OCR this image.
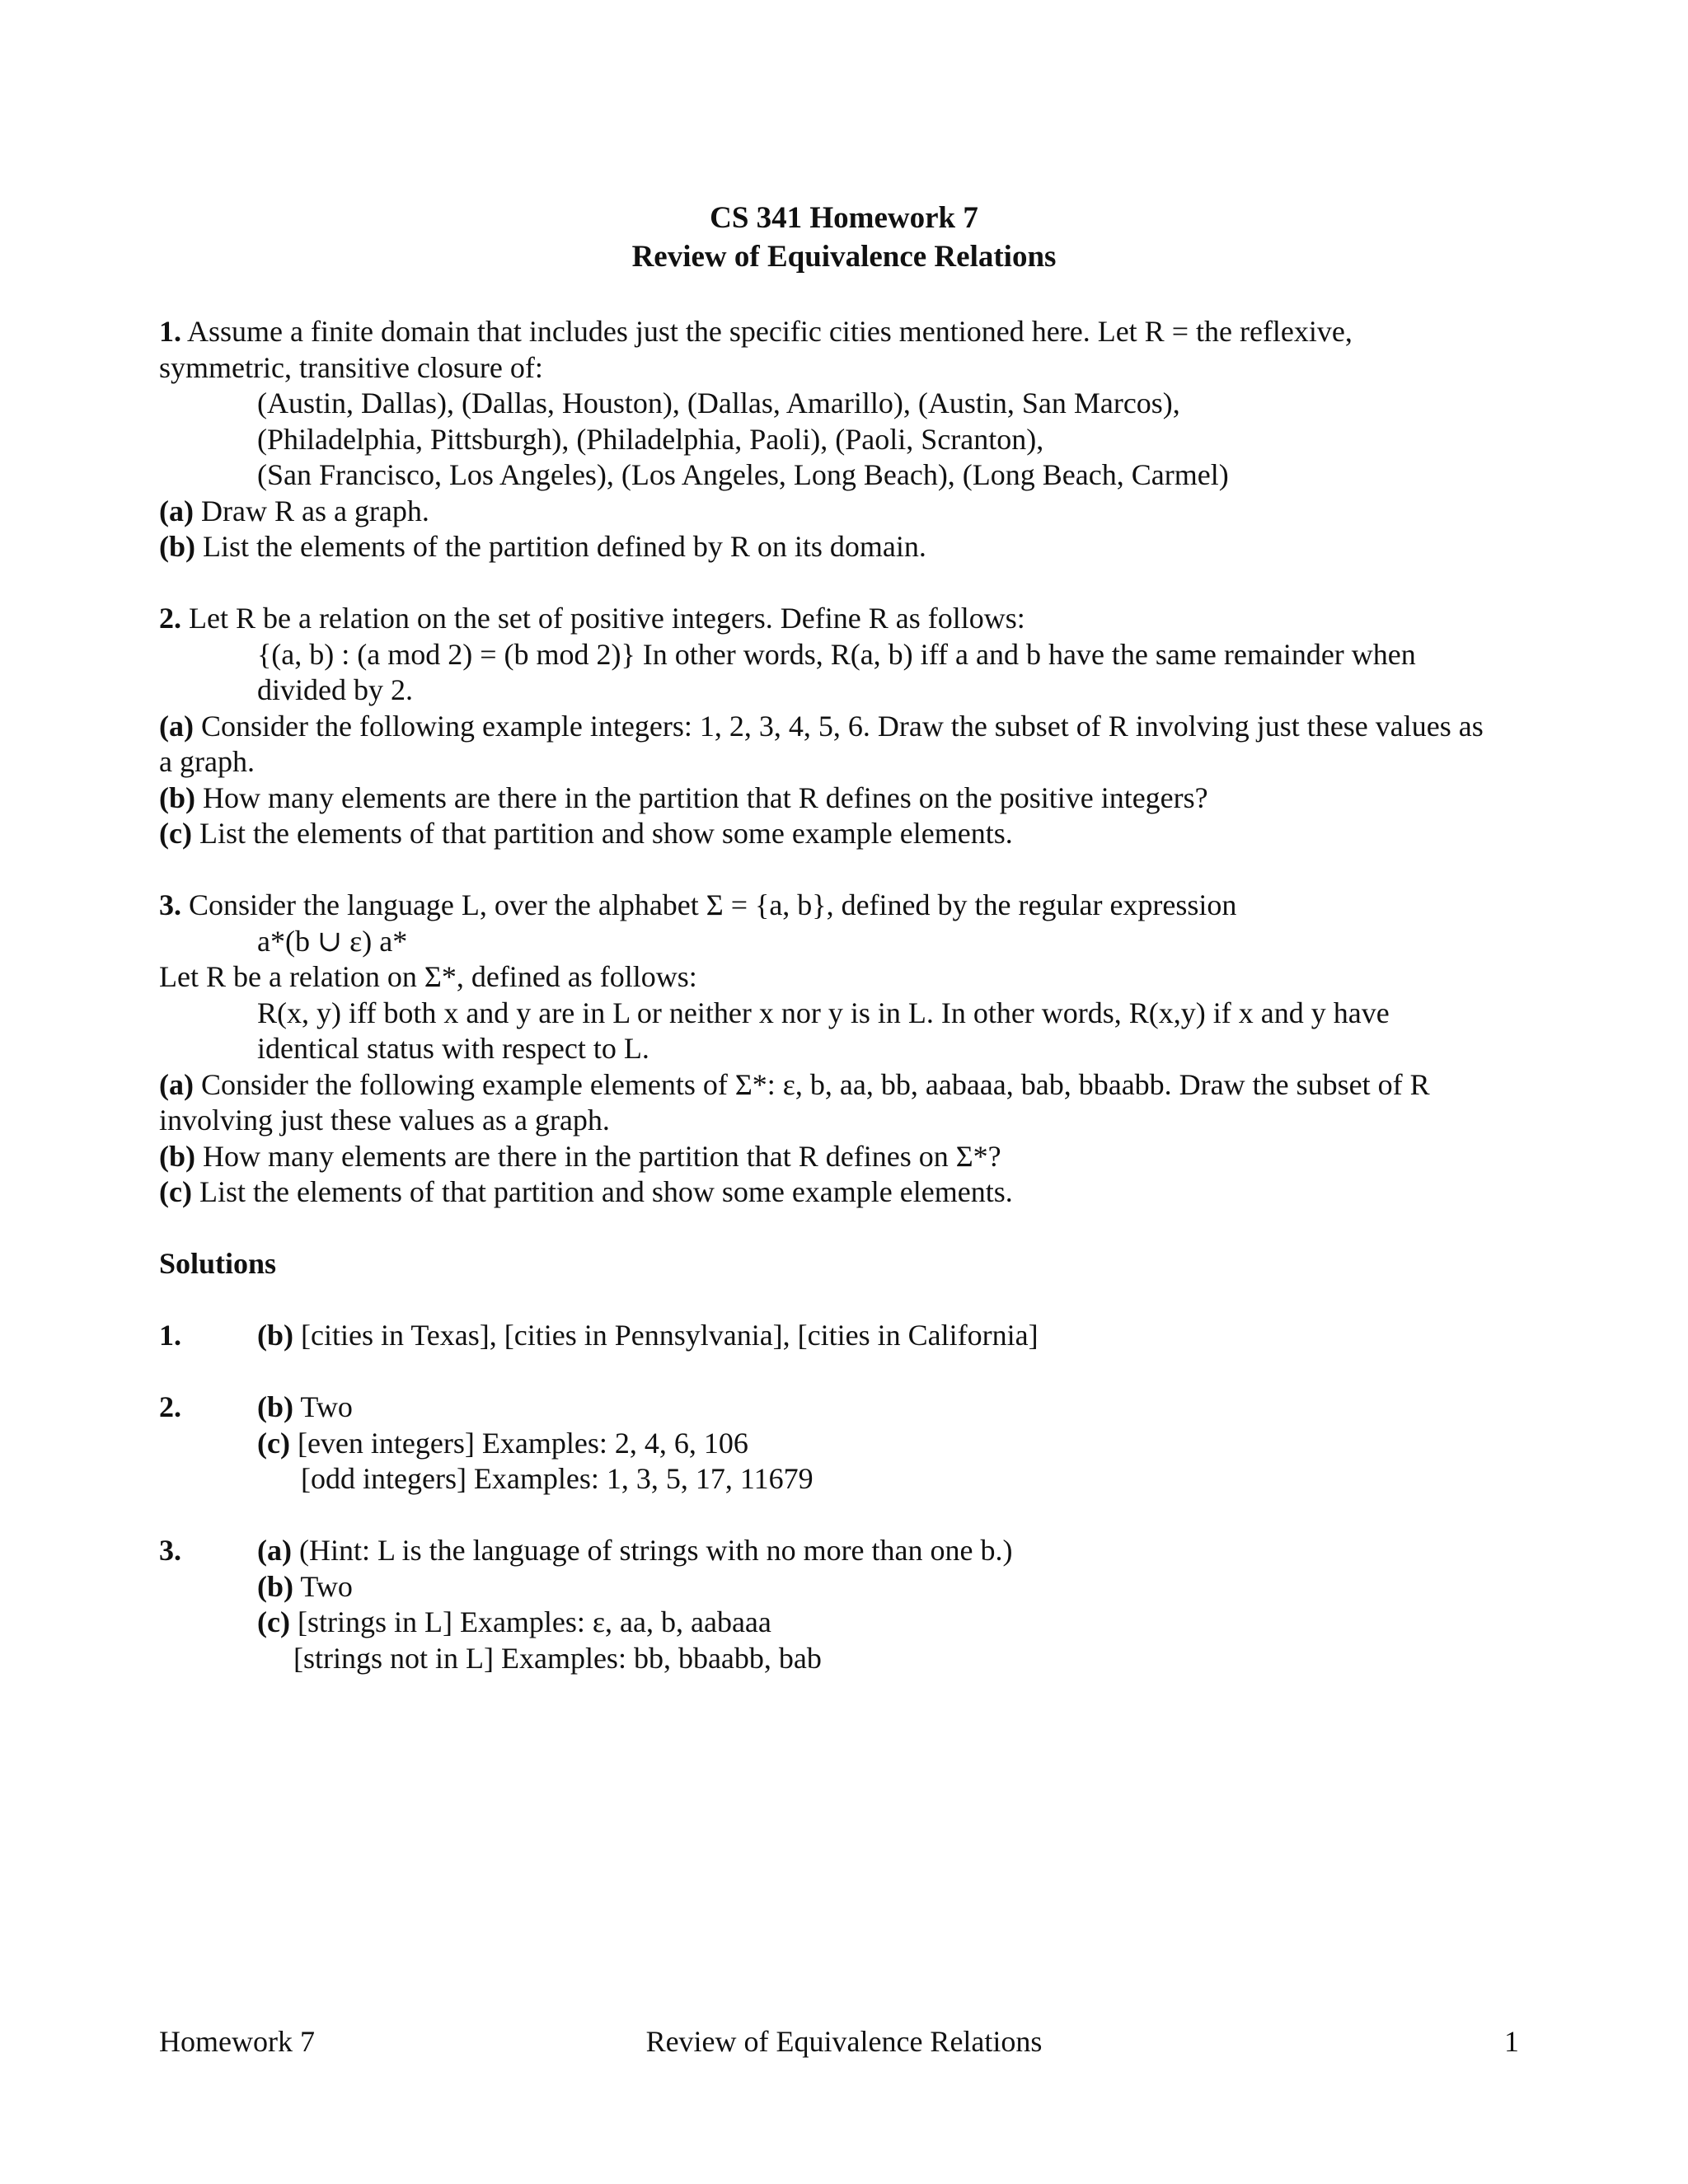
CS 341 Homework 7
Review of Equivalence Relations

1. Assume a finite domain that includes just the specific cities mentioned here. Let R = the reflexive,

symmetric, transitive closure of:

(Austin, Dallas), (Dallas, Houston), (Dallas, Amarillo), (Austin, San Marcos),

(Philadelphia, Pittsburgh), (Philadelphia, Paoli), (Paoli, Scranton),

(San Francisco, Los Angeles), (Los Angeles, Long Beach), (Long Beach, Carmel)

(a) Draw R as a graph.

(b) List the elements of the partition defined by R on its domain.

2. Let R be a relation on the set of positive integers. Define R as follows:

{(a, b) : (a mod 2) = (b mod 2)} In other words, R(a, b) iff a and b have the same remainder when

divided by 2.

(a) Consider the following example integers: 1, 2, 3, 4, 5, 6. Draw the subset of R involving just these values as

a graph.

(b) How many elements are there in the partition that R defines on the positive integers?

(c) List the elements of that partition and show some example elements.

3. Consider the language L, over the alphabet Σ = {a, b}, defined by the regular expression

a*(b ∪ ε) a*

Let R be a relation on Σ*, defined as follows:

R(x, y) iff both x and y are in L or neither x nor y is in L. In other words, R(x,y) if x and y have

identical status with respect to L.

(a) Consider the following example elements of Σ*: ε, b, aa, bb, aabaaa, bab, bbaabb. Draw the subset of R

involving just these values as a graph.

(b) How many elements are there in the partition that R defines on Σ*?

(c) List the elements of that partition and show some example elements.

Solutions

1.	(b) [cities in Texas], [cities in Pennsylvania], [cities in California]

2.	(b) Two

(c) [even integers] Examples: 2, 4, 6, 106

[odd integers] Examples: 1, 3, 5, 17, 11679

3.	(a) (Hint: L is the language of strings with no more than one b.)

(b) Two

(c) [strings in L] Examples: ε, aa, b, aabaaa

[strings not in L] Examples: bb, bbaabb, bab

Homework 7	Review of Equivalence Relations	1
